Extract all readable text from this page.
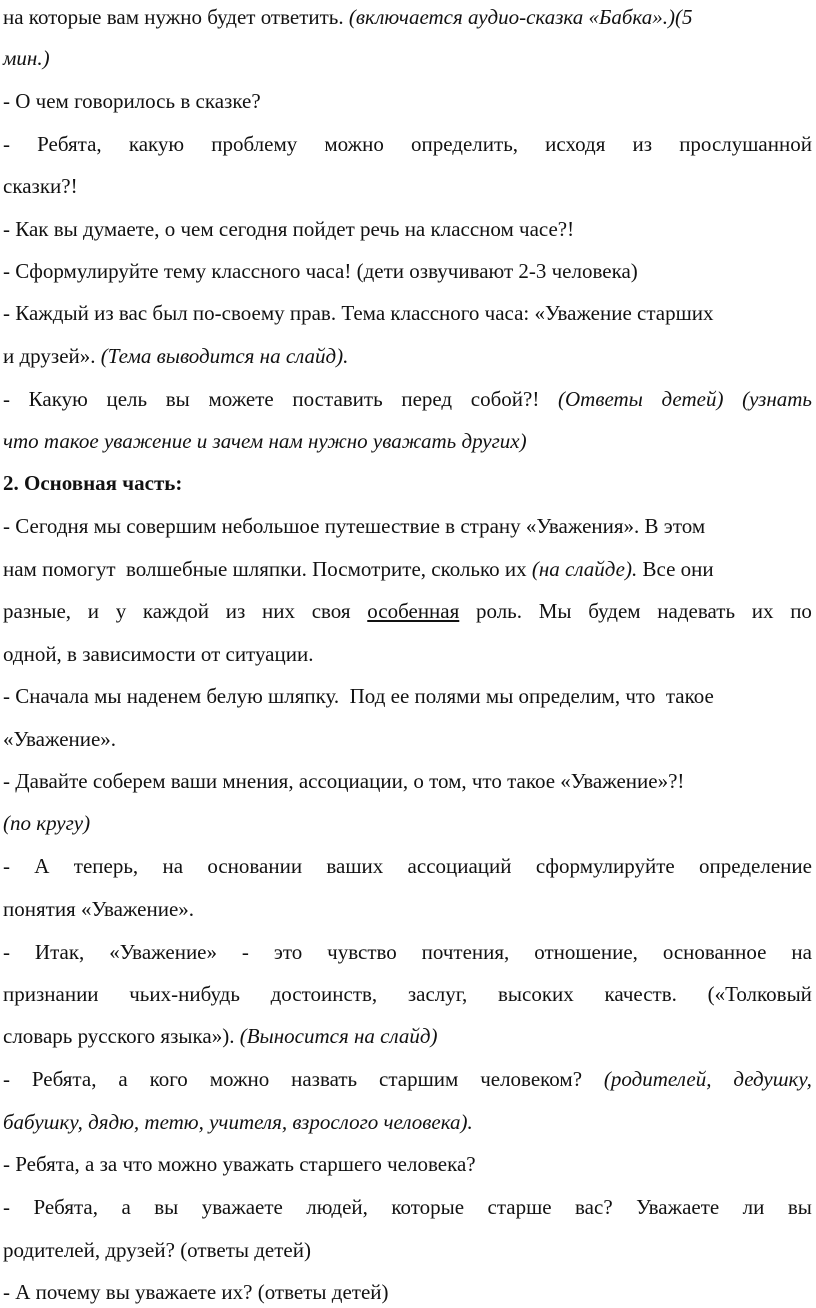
на которые вам нужно будет ответить. (включается аудио-сказка «Бабка».)(5
мин.)
- О чем говорилось в сказке?
- Ребята, какую проблему можно определить, исходя из прослушанной
сказки?!
- Как вы думаете, о чем сегодня пойдет речь на классном часе?!
- Сформулируйте тему классного часа! (дети озвучивают 2-3 человека)
- Каждый из вас был по-своему прав. Тема классного часа: «Уважение старших
и друзей». (Тема выводится на слайд).
- Какую цель вы можете поставить перед собой?! (Ответы детей) (узнать
что такое уважение и зачем нам нужно уважать других)
2. Основная часть:
- Сегодня мы совершим небольшое путешествие в страну «Уважения». В этом
нам помогут  волшебные шляпки. Посмотрите, сколько их (на слайде). Все они
разные, и у каждой из них своя особенная роль. Мы будем надевать их по
одной, в зависимости от ситуации.
- Сначала мы наденем белую шляпку.  Под ее полями мы определим, что  такое
«Уважение».
- Давайте соберем ваши мнения, ассоциации, о том, что такое «Уважение»?!
(по кругу)
- А теперь, на основании ваших ассоциаций сформулируйте определение
понятия «Уважение».
- Итак, «Уважение» - это чувство почтения, отношение, основанное на
признании чьих-нибудь достоинств, заслуг, высоких качеств. («Толковый
словарь русского языка»). (Выносится на слайд)
- Ребята, а кого можно назвать старшим человеком? (родителей, дедушку,
бабушку, дядю, тетю, учителя, взрослого человека).
- Ребята, а за что можно уважать старшего человека?
- Ребята, а вы уважаете людей, которые старше вас? Уважаете ли вы
родителей, друзей? (ответы детей)
- А почему вы уважаете их? (ответы детей)
